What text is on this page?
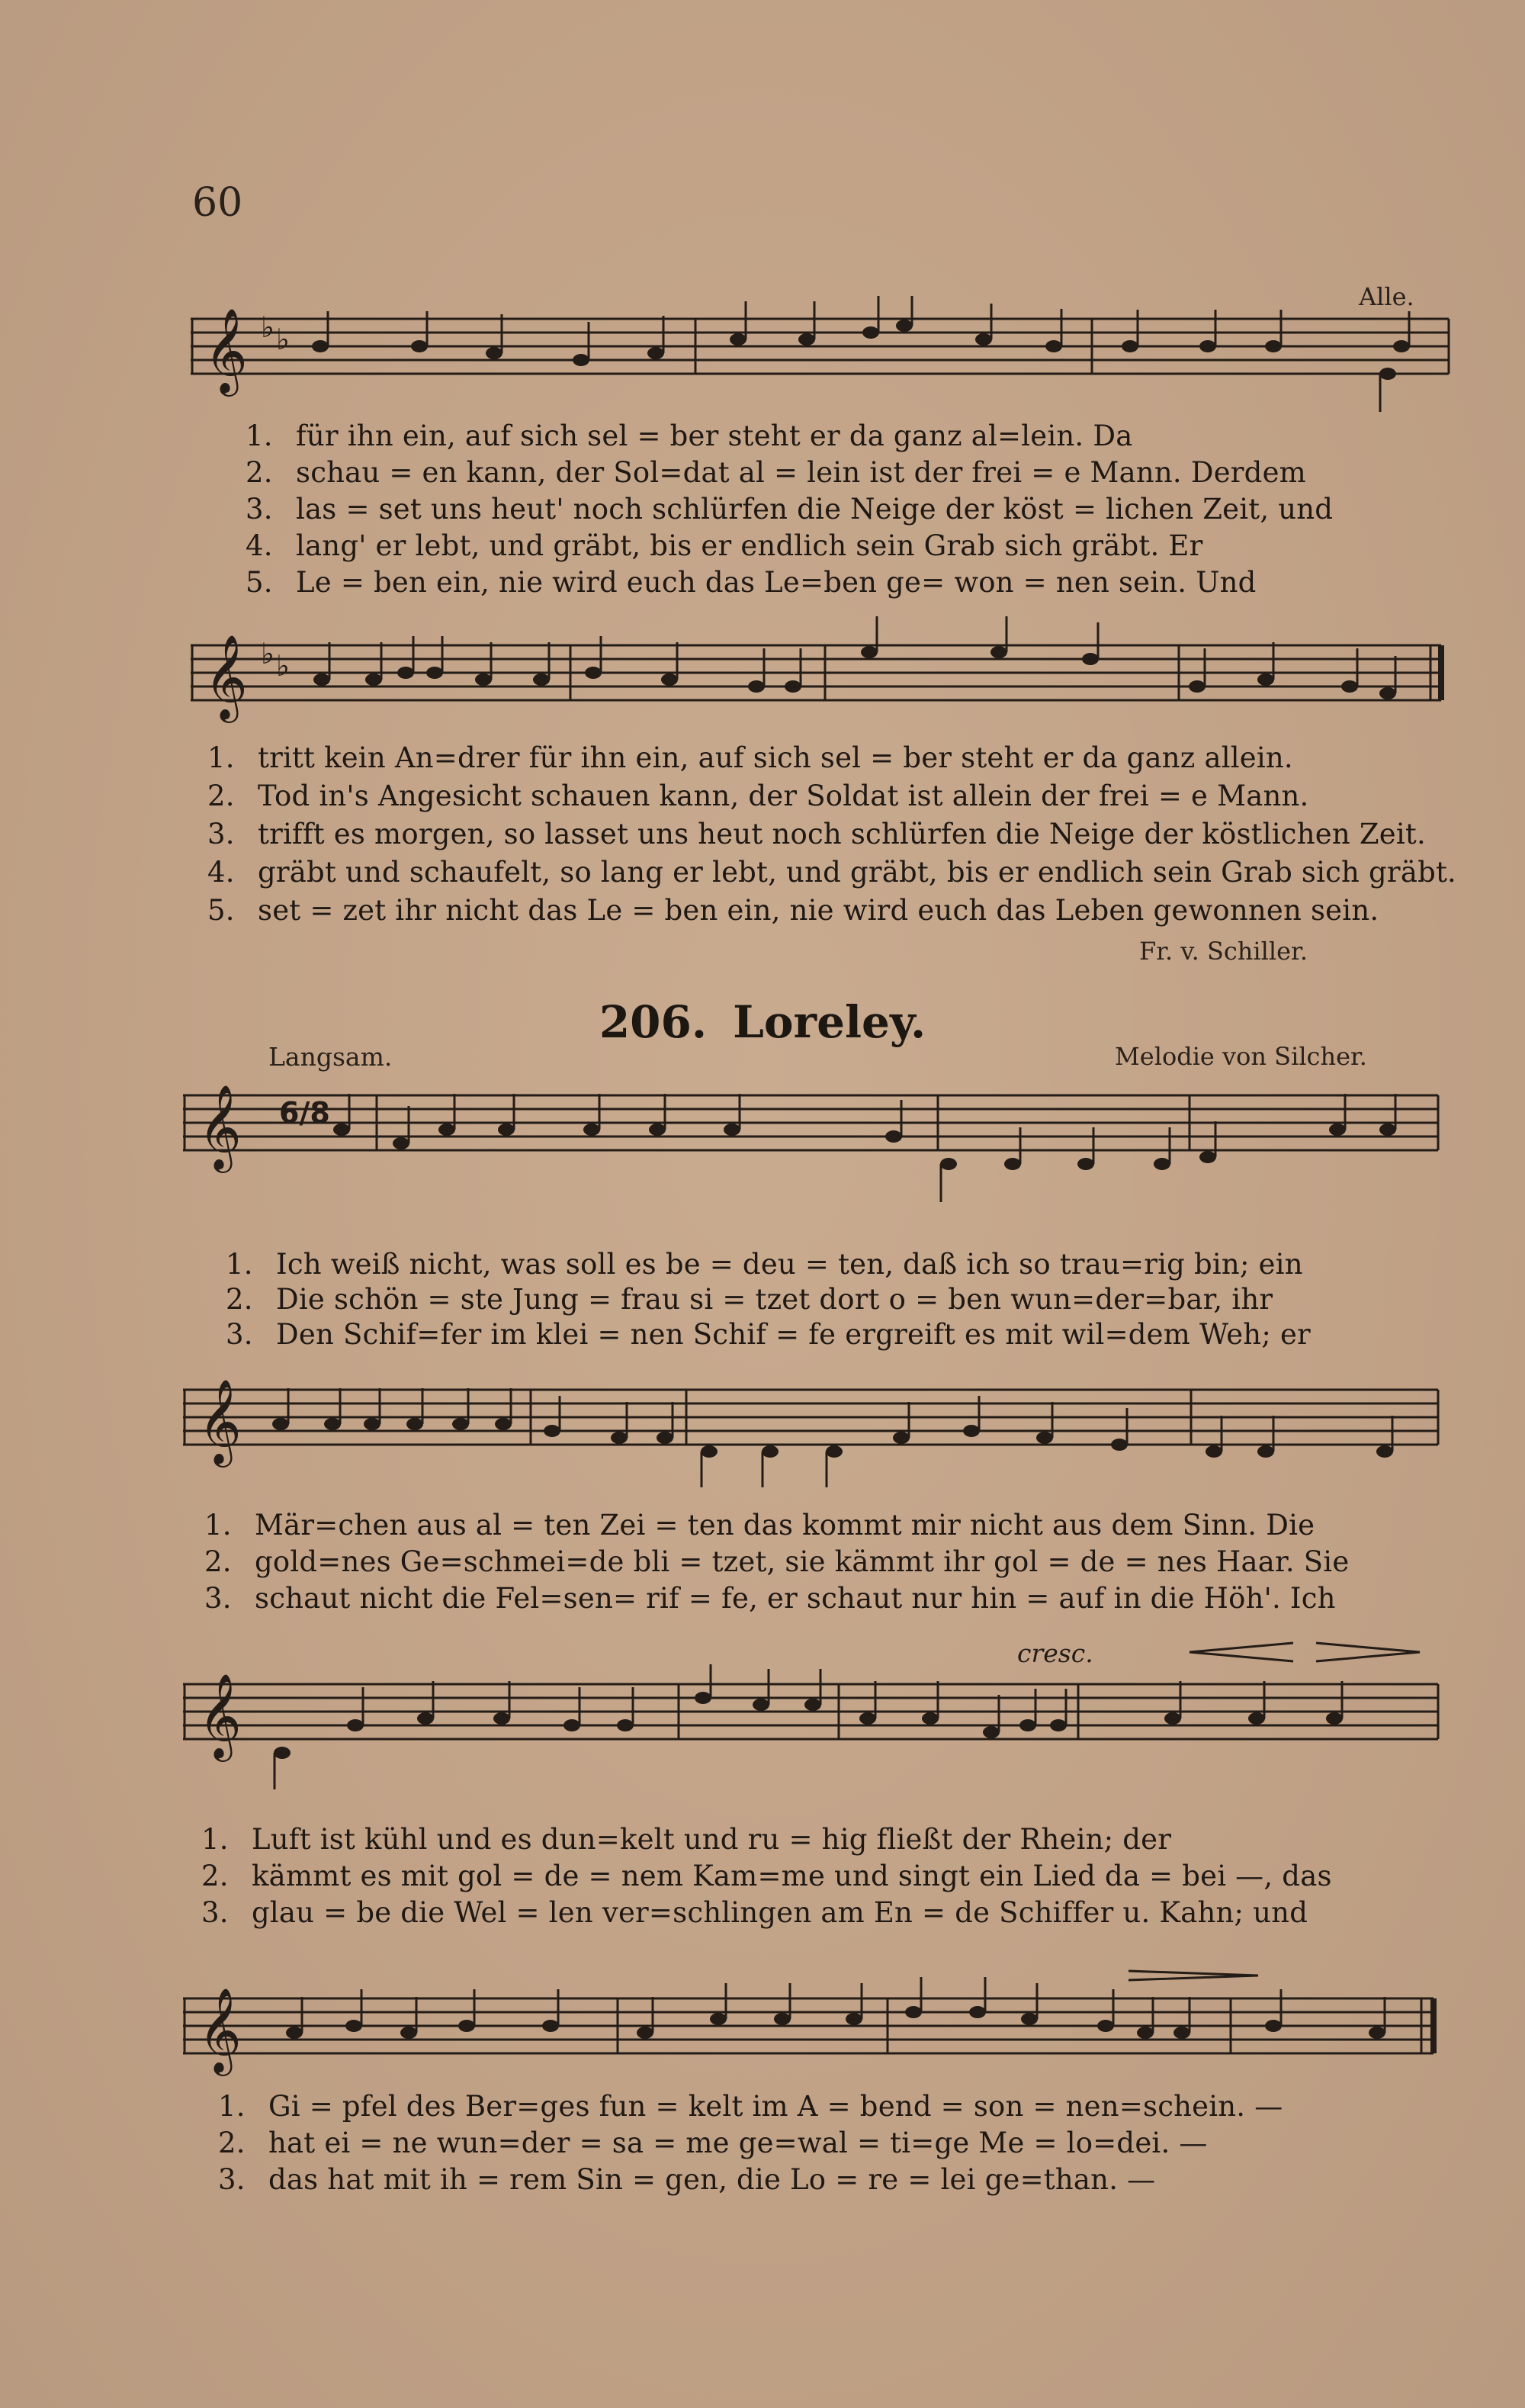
60
𝄞 ♭ ♭
Alle.
1. für ihn ein, auf sich sel = ber steht er da ganz al=lein. Da
2. schau = en kann, der Sol=dat al = lein ist der frei = e Mann. Derdem
3. las = set uns heut' noch schlürfen die Neige der köst = lichen Zeit, und
4. lang' er lebt, und gräbt, bis er endlich sein Grab sich gräbt. Er
5. Le = ben ein, nie wird euch das Le=ben ge= won = nen sein. Und
𝄞 ♭ ♭
1. tritt kein An=drer für ihn ein, auf sich sel = ber steht er da ganz allein.
2. Tod in's Angesicht schauen kann, der Soldat ist allein der frei = e Mann.
3. trifft es morgen, so lasset uns heut noch schlürfen die Neige der köstlichen Zeit.
4. gräbt und schaufelt, so lang er lebt, und gräbt, bis er endlich sein Grab sich gräbt.
5. set = zet ihr nicht das Le = ben ein, nie wird euch das Leben gewonnen sein.
Fr. v. Schiller.
206. Loreley.
Langsam.	Melodie von Silcher.
𝄞 6/8
1. Ich weiß nicht, was soll es be = deu = ten, daß ich so trau=rig bin; ein
2. Die schön = ste Jung = frau si = tzet dort o = ben wun=der=bar, ihr
3. Den Schif=fer im klei = nen Schif = fe ergreift es mit wil=dem Weh; er
𝄞
1. Mär=chen aus al = ten Zei = ten das kommt mir nicht aus dem Sinn. Die
2. gold=nes Ge=schmei=de bli = tzet, sie kämmt ihr gol = de = nes Haar. Sie
3. schaut nicht die Fel=sen= rif = fe, er schaut nur hin = auf in die Höh'. Ich
cresc.
𝄞
1. Luft ist kühl und es dun=kelt und ru = hig fließt der Rhein; der
2. kämmt es mit gol = de = nem Kam=me und singt ein Lied da = bei —, das
3. glau = be die Wel = len ver=schlingen am En = de Schiffer u. Kahn; und
𝄞
1. Gi = pfel des Ber=ges fun = kelt im A = bend = son = nen=schein. —
2. hat ei = ne wun=der = sa = me ge=wal = ti=ge Me = lo=dei. —
3. das hat mit ih = rem Sin = gen, die Lo = re = lei ge=than. —
